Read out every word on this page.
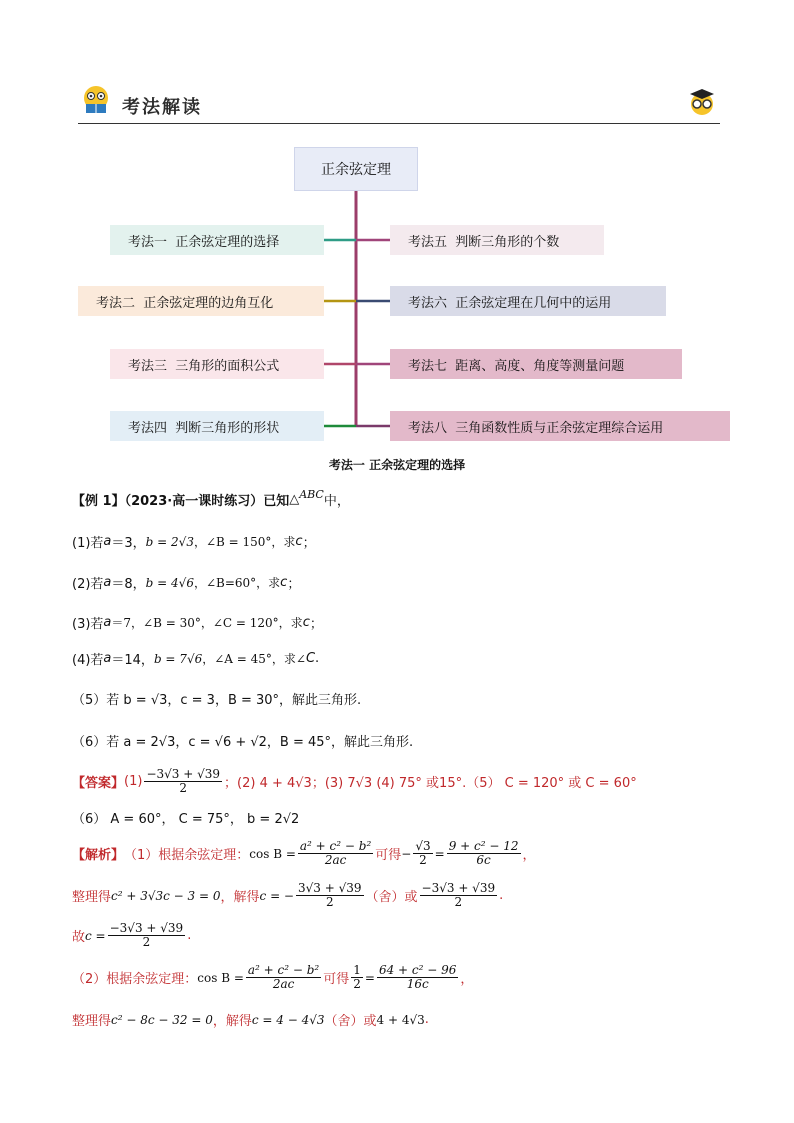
考法解读
正余弦定理
考法一  正余弦定理的选择
考法二  正余弦定理的边角互化
考法三  三角形的面积公式
考法四  判断三角形的形状
考法五  判断三角形的个数
考法六  正余弦定理在几何中的运用
考法七  距离、高度、角度等测量问题
考法八  三角函数性质与正余弦定理综合运用
考法一 正余弦定理的选择
【例 1】（2023·高一课时练习）已知 △ ABC 中，
(1)若 a ＝3， b = 2√3 ，∠B = 150°，求 c ；
(2)若 a ＝8， b = 4√6 ，∠B=60°，求 c ；
(3)若 a ＝7，∠B = 30°，∠C = 120°，求 c ；
(4)若 a ＝14， b = 7√6 ，∠A = 45°，求∠ C .
（5）若 b = √3，c = 3，B = 30°，解此三角形.
（6）若 a = 2√3，c = √6 + √2，B = 45°，解此三角形.
【答案】 $(1) \frac{-3√3 + √39}{2}$ ；(2) 4 + 4√3；(3) 7√3 (4) 75° 或15°.（5） C = 120° 或 C = 60°
（6） A = 60°， C = 75°， b = 2√2
【解析】 （1）根据余弦定理： $\cos B = \frac{\text{a² + c² − b²}}{2ac}$ 可得 − $\frac{√3}{2} = \frac{\text{9 + c² − 12}}{6c}$ ，
整理得 c² + 3√3c − 3 = 0 ，解得 c = − $\frac{3√3 + √39}{2}$ （舍）或 $\frac{-3√3 + √39}{2}$ .
故 $c = \frac{-3√3 + √39}{2}$ .
（2）根据余弦定理： $\cos B = \frac{\text{a² + c² − b²}}{2ac}$ 可得 $\frac{1}{2} = \frac{\text{64 + c² − 96}}{16c}$ ，
整理得 c² − 8c − 32 = 0 ，解得 c = 4 − 4√3 （舍）或 4 + 4√3 .
